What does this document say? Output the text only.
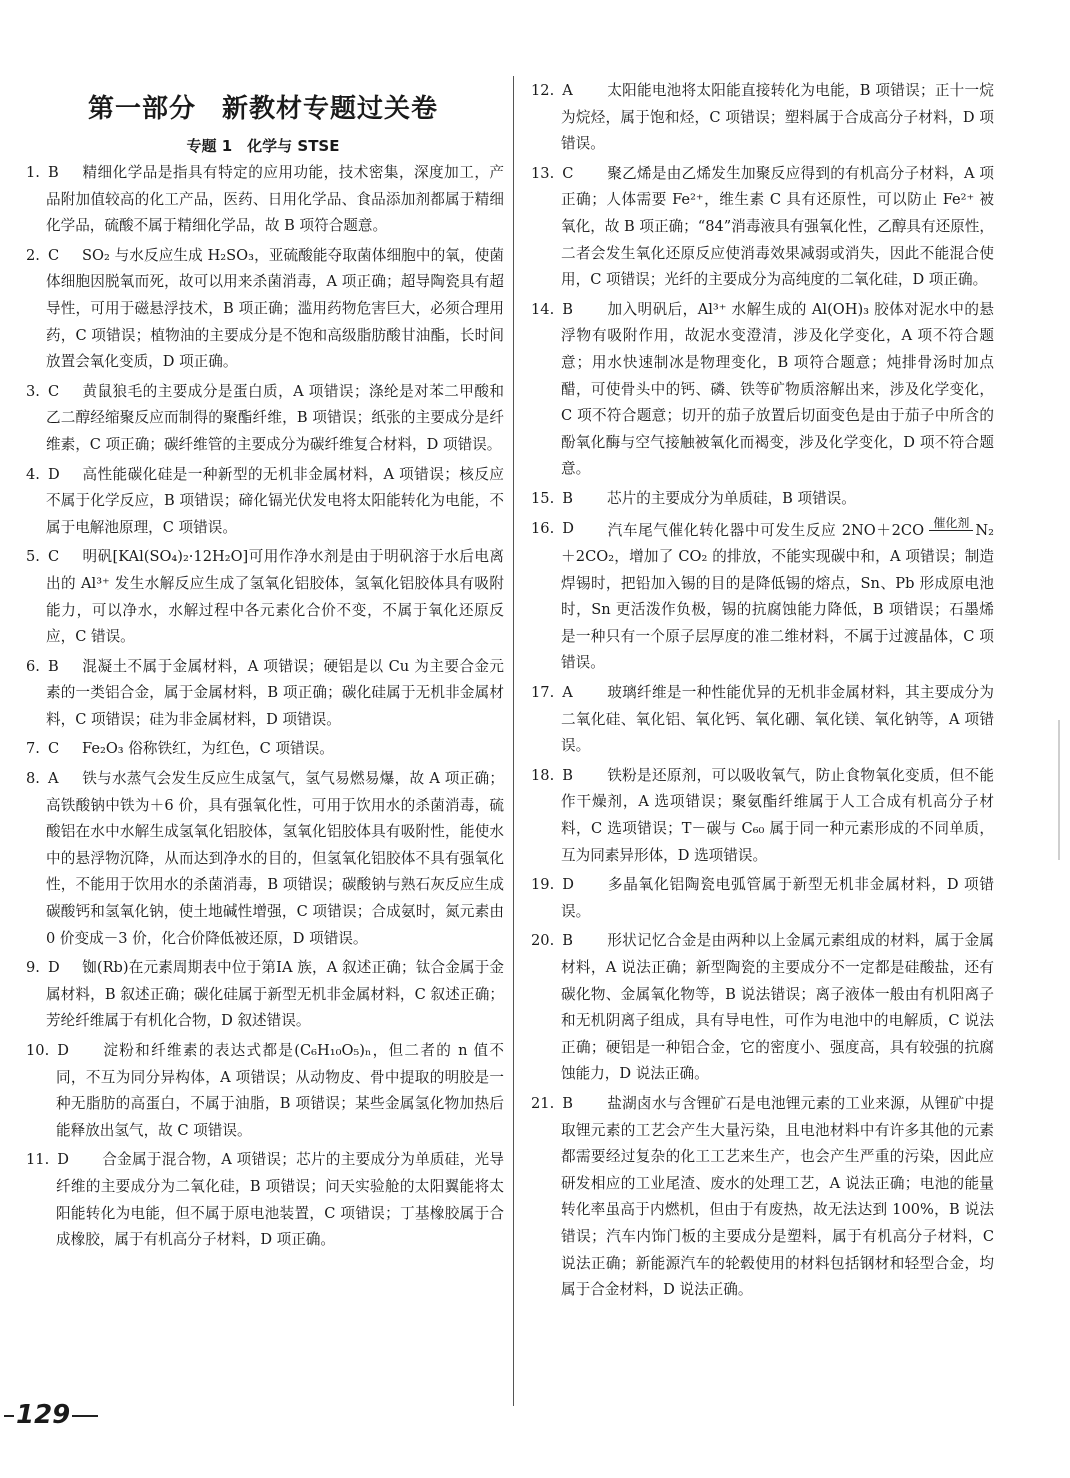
第一部分 新教材专题过关卷
专题 1　化学与 STSE
1. B	精细化学品是指具有特定的应用功能，技术密集，深度加工，产品附加值较高的化工产品，医药、日用化学品、食品添加剂都属于精细化学品，硫酸不属于精细化学品，故 B 项符合题意。
2. C	SO₂ 与水反应生成 H₂SO₃，亚硫酸能夺取菌体细胞中的氧，使菌体细胞因脱氧而死，故可以用来杀菌消毒，A 项正确；超导陶瓷具有超导性，可用于磁悬浮技术，B 项正确；滥用药物危害巨大，必须合理用药，C 项错误；植物油的主要成分是不饱和高级脂肪酸甘油酯，长时间放置会氧化变质，D 项正确。
3. C	黄鼠狼毛的主要成分是蛋白质，A 项错误；涤纶是对苯二甲酸和乙二醇经缩聚反应而制得的聚酯纤维，B 项错误；纸张的主要成分是纤维素，C 项正确；碳纤维管的主要成分为碳纤维复合材料，D 项错误。
4. D	高性能碳化硅是一种新型的无机非金属材料，A 项错误；核反应不属于化学反应，B 项错误；碲化镉光伏发电将太阳能转化为电能，不属于电解池原理，C 项错误。
5. C	明矾[KAl(SO₄)₂·12H₂O]可用作净水剂是由于明矾溶于水后电离出的 Al³⁺ 发生水解反应生成了氢氧化铝胶体，氢氧化铝胶体具有吸附能力，可以净水，水解过程中各元素化合价不变，不属于氧化还原反应，C 错误。
6. B	混凝土不属于金属材料，A 项错误；硬铝是以 Cu 为主要合金元素的一类铝合金，属于金属材料，B 项正确；碳化硅属于无机非金属材料，C 项错误；硅为非金属材料，D 项错误。
7. C	Fe₂O₃ 俗称铁红，为红色，C 项错误。
8. A	铁与水蒸气会发生反应生成氢气，氢气易燃易爆，故 A 项正确；高铁酸钠中铁为＋6 价，具有强氧化性，可用于饮用水的杀菌消毒，硫酸铝在水中水解生成氢氧化铝胶体，氢氧化铝胶体具有吸附性，能使水中的悬浮物沉降，从而达到净水的目的，但氢氧化铝胶体不具有强氧化性，不能用于饮用水的杀菌消毒，B 项错误；碳酸钠与熟石灰反应生成碳酸钙和氢氧化钠，使土地碱性增强，C 项错误；合成氨时，氮元素由 0 价变成－3 价，化合价降低被还原，D 项错误。
9. D	铷(Rb)在元素周期表中位于第ⅠA 族，A 叙述正确；钛合金属于金属材料，B 叙述正确；碳化硅属于新型无机非金属材料，C 叙述正确；芳纶纤维属于有机化合物，D 叙述错误。
10. D	淀粉和纤维素的表达式都是(C₆H₁₀O₅)ₙ，但二者的 n 值不同，不互为同分异构体，A 项错误；从动物皮、骨中提取的明胶是一种无脂肪的高蛋白，不属于油脂，B 项错误；某些金属氢化物加热后能释放出氢气，故 C 项错误。
11. D	合金属于混合物，A 项错误；芯片的主要成分为单质硅，光导纤维的主要成分为二氧化硅，B 项错误；问天实验舱的太阳翼能将太阳能转化为电能，但不属于原电池装置，C 项错误；丁基橡胶属于合成橡胶，属于有机高分子材料，D 项正确。
12. A	太阳能电池将太阳能直接转化为电能，B 项错误；正十一烷为烷烃，属于饱和烃，C 项错误；塑料属于合成高分子材料，D 项错误。
13. C	聚乙烯是由乙烯发生加聚反应得到的有机高分子材料，A 项正确；人体需要 Fe²⁺，维生素 C 具有还原性，可以防止 Fe²⁺ 被氧化，故 B 项正确；“84”消毒液具有强氧化性，乙醇具有还原性，二者会发生氧化还原反应使消毒效果减弱或消失，因此不能混合使用，C 项错误；光纤的主要成分为高纯度的二氧化硅，D 项正确。
14. B	加入明矾后，Al³⁺ 水解生成的 Al(OH)₃ 胶体对泥水中的悬浮物有吸附作用，故泥水变澄清，涉及化学变化，A 项不符合题意；用水快速制冰是物理变化，B 项符合题意；炖排骨汤时加点醋，可使骨头中的钙、磷、铁等矿物质溶解出来，涉及化学变化，C 项不符合题意；切开的茄子放置后切面变色是由于茄子中所含的酚氧化酶与空气接触被氧化而褐变，涉及化学变化，D 项不符合题意。
15. B	芯片的主要成分为单质硅，B 项错误。
16. D	汽车尾气催化转化器中可发生反应 2NO＋2CO 催化剂 N₂＋2CO₂，增加了 CO₂ 的排放，不能实现碳中和，A 项错误；制造焊锡时，把铅加入锡的目的是降低锡的熔点，Sn、Pb 形成原电池时，Sn 更活泼作负极，锡的抗腐蚀能力降低，B 项错误；石墨烯是一种只有一个原子层厚度的准二维材料，不属于过渡晶体，C 项错误。
17. A	玻璃纤维是一种性能优异的无机非金属材料，其主要成分为二氧化硅、氧化铝、氧化钙、氧化硼、氧化镁、氧化钠等，A 项错误。
18. B	铁粉是还原剂，可以吸收氧气，防止食物氧化变质，但不能作干燥剂，A 选项错误；聚氨酯纤维属于人工合成有机高分子材料，C 选项错误；T－碳与 C₆₀ 属于同一种元素形成的不同单质，互为同素异形体，D 选项错误。
19. D	多晶氧化铝陶瓷电弧管属于新型无机非金属材料，D 项错误。
20. B	形状记忆合金是由两种以上金属元素组成的材料，属于金属材料，A 说法正确；新型陶瓷的主要成分不一定都是硅酸盐，还有碳化物、金属氧化物等，B 说法错误；离子液体一般由有机阳离子和无机阴离子组成，具有导电性，可作为电池中的电解质，C 说法正确；硬铝是一种铝合金，它的密度小、强度高，具有较强的抗腐蚀能力，D 说法正确。
21. B	盐湖卤水与含锂矿石是电池锂元素的工业来源，从锂矿中提取锂元素的工艺会产生大量污染，且电池材料中有许多其他的元素都需要经过复杂的化工工艺来生产，也会产生严重的污染，因此应研发相应的工业尾渣、废水的处理工艺，A 说法正确；电池的能量转化率虽高于内燃机，但由于有废热，故无法达到 100%，B 说法错误；汽车内饰门板的主要成分是塑料，属于有机高分子材料，C 说法正确；新能源汽车的轮毂使用的材料包括钢材和轻型合金，均属于合金材料，D 说法正确。
129
